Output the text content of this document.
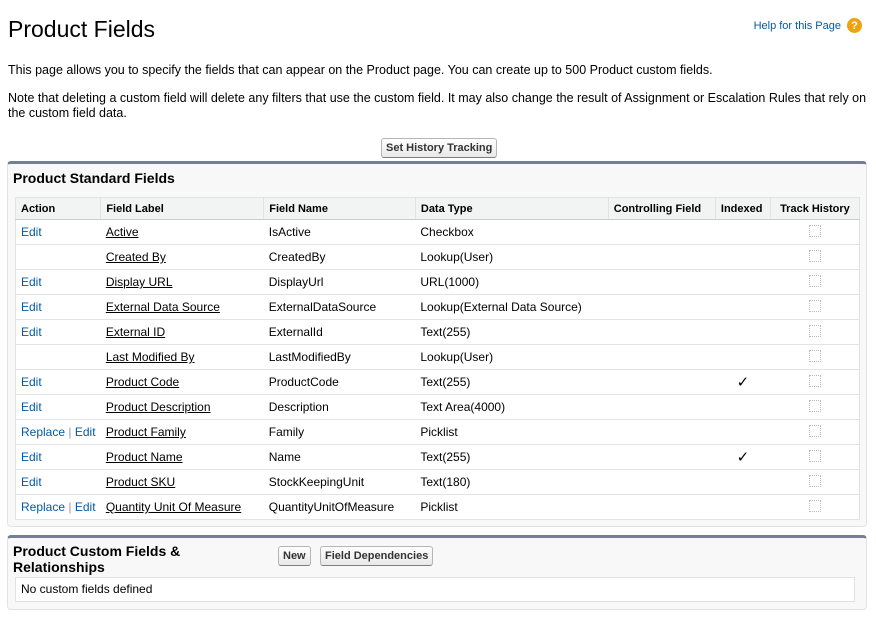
Product Fields	Help for this Page ?
This page allows you to specify the fields that can appear on the Product page. You can create up to 500 Product custom fields.
Note that deleting a custom field will delete any filters that use the custom field. It may also change the result of Assignment or Escalation Rules that rely on the custom field data.
Set History Tracking
Product Standard Fields
Action	Field Label	Field Name	Data Type	Controlling Field	Indexed	Track History
Edit	Active	IsActive	Checkbox			
	Created By	CreatedBy	Lookup(User)			
Edit	Display URL	DisplayUrl	URL(1000)			
Edit	External Data Source	ExternalDataSource	Lookup(External Data Source)			
Edit	External ID	ExternalId	Text(255)			
	Last Modified By	LastModifiedBy	Lookup(User)			
Edit	Product Code	ProductCode	Text(255)		✓	
Edit	Product Description	Description	Text Area(4000)			
Replace | Edit	Product Family	Family	Picklist			
Edit	Product Name	Name	Text(255)		✓	
Edit	Product SKU	StockKeepingUnit	Text(180)			
Replace | Edit	Quantity Unit Of Measure	QuantityUnitOfMeasure	Picklist			
Product Custom Fields & Relationships
New	Field Dependencies
No custom fields defined
